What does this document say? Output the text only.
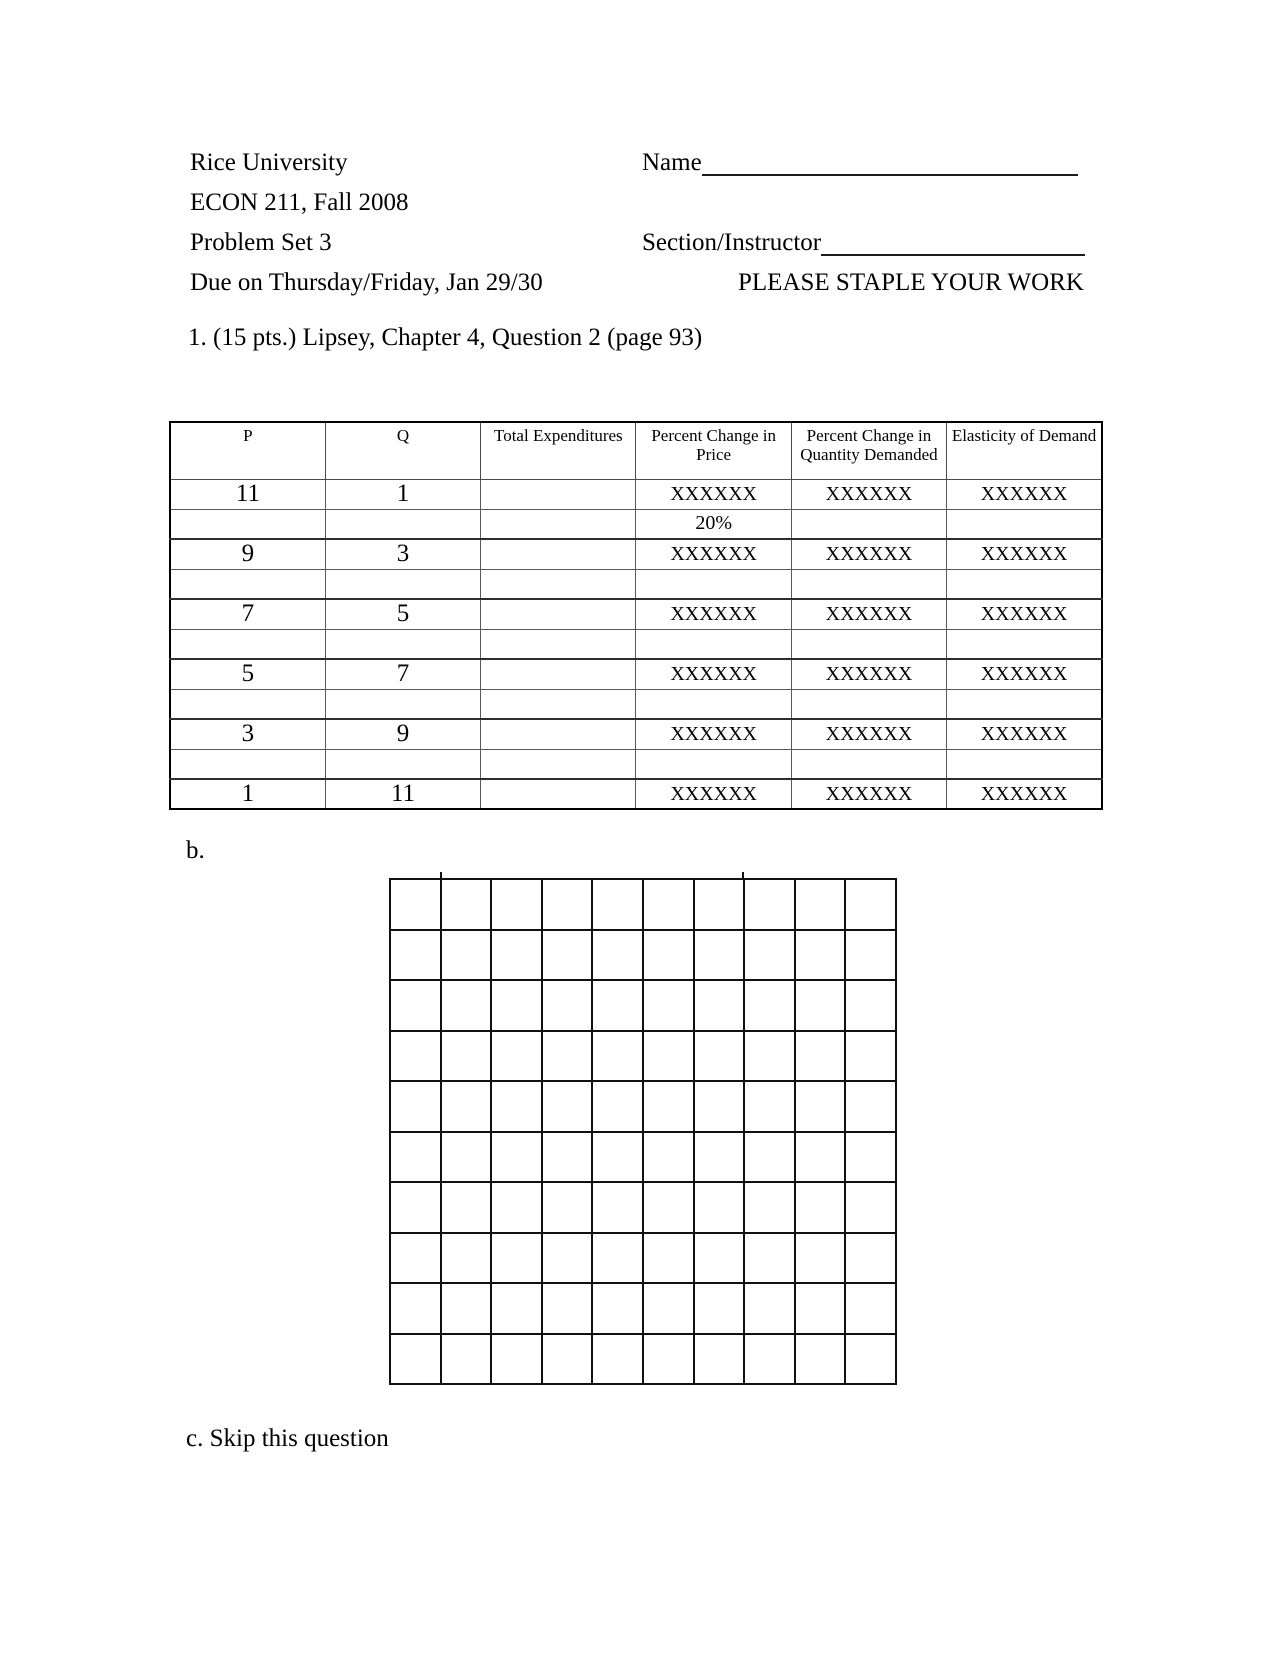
Rice University
ECON 211, Fall 2008
Problem Set 3
Due on Thursday/Friday, Jan 29/30
Name
Section/Instructor
PLEASE STAPLE YOUR WORK
1. (15 pts.) Lipsey, Chapter 4, Question 2 (page 93)
P	Q	Total Expenditures	Percent Change in Price	Percent Change in Quantity Demanded	Elasticity of Demand
11	1		XXXXXX	XXXXXX	XXXXXX
			20%		
9	3		XXXXXX	XXXXXX	XXXXXX

7	5		XXXXXX	XXXXXX	XXXXXX

5	7		XXXXXX	XXXXXX	XXXXXX

3	9		XXXXXX	XXXXXX	XXXXXX

1	11		XXXXXX	XXXXXX	XXXXXX
b.
c. Skip this question
